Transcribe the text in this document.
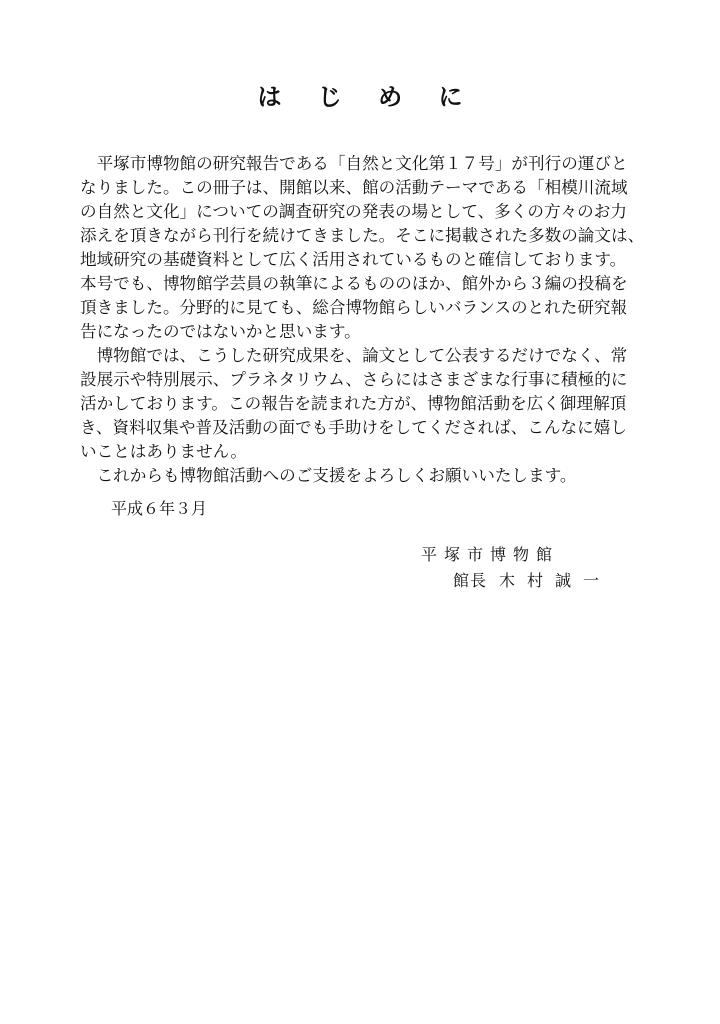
は じ め に
　平塚市博物館の研究報告である「自然と文化第１７号」が刊行の運びと
なりました。この冊子は、開館以来、館の活動テーマである「相模川流域
の自然と文化」についての調査研究の発表の場として、多くの方々のお力
添えを頂きながら刊行を続けてきました。そこに掲載された多数の論文は、
地域研究の基礎資料として広く活用されているものと確信しております。
本号でも、博物館学芸員の執筆によるもののほか、館外から３編の投稿を
頂きました。分野的に見ても、総合博物館らしいバランスのとれた研究報
告になったのではないかと思います。
　博物館では、こうした研究成果を、論文として公表するだけでなく、常
設展示や特別展示、プラネタリウム、さらにはさまざまな行事に積極的に
活かしております。この報告を読まれた方が、博物館活動を広く御理解頂
き、資料収集や普及活動の面でも手助けをしてくだされば、こんなに嬉し
いことはありません。
　これからも博物館活動へのご支援をよろしくお願いいたします。
平成６年３月
平塚市博物館
館長 木村誠一
